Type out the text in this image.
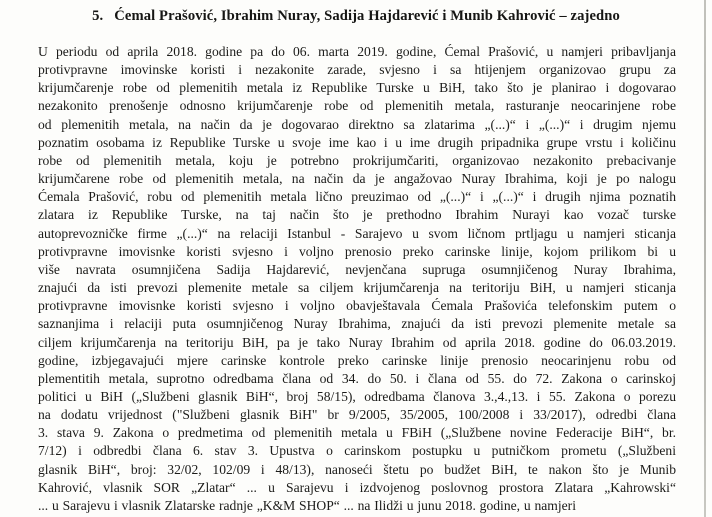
5. Ćemal Prašović, Ibrahim Nuray, Sadija Hajdarević i Munib Kahrović – zajedno
U periodu od aprila 2018. godine pa do 06. marta 2019. godine, Ćemal Prašović, u namjeri pribavljanja
protivpravne imovinske koristi i nezakonite zarade, svjesno i sa htijenjem organizovao grupu za
krijumčarenje robe od plemenitih metala iz Republike Turske u BiH, tako što je planirao i dogovarao
nezakonito prenošenje odnosno krijumčarenje robe od plemenitih metala, rasturanje neocarinjene robe
od plemenitih metala, na način da je dogovarao direktno sa zlatarima „(...)“ i „(...)“ i drugim njemu
poznatim osobama iz Republike Turske u svoje ime kao i u ime drugih pripadnika grupe vrstu i količinu
robe od plemenitih metala, koju je potrebno prokrijumčariti, organizovao nezakonito prebacivanje
krijumčarene robe od plemenitih metala, na način da je angažovao Nuray Ibrahima, koji je po nalogu
Ćemala Prašović, robu od plemenitih metala lično preuzimao od „(...)“ i „(...)“ i drugih njima poznatih
zlatara iz Republike Turske, na taj način što je prethodno Ibrahim Nurayi kao vozač turske
autoprevozničke firme „(...)“ na relaciji Istanbul - Sarajevo u svom ličnom prtljagu u namjeri sticanja
protivpravne imovisnke koristi svjesno i voljno prenosio preko carinske linije, kojom prilikom bi u
više navrata osumnjičena Sadija Hajdarević, nevjenčana supruga osumnjičenog Nuray Ibrahima,
znajući da isti prevozi plemenite metale sa ciljem krijumčarenja na teritoriju BiH, u namjeri sticanja
protivpravne imovisnke koristi svjesno i voljno obavještavala Ćemala Prašovića telefonskim putem o
saznanjima i relaciji puta osumnjičenog Nuray Ibrahima, znajući da isti prevozi plemenite metale sa
ciljem krijumčarenja na teritoriju BiH, pa je tako Nuray Ibrahim od aprila 2018. godine do 06.03.2019.
godine, izbjegavajući mjere carinske kontrole preko carinske linije prenosio neocarinjenu robu od
plementitih metala, suprotno odredbama člana od 34. do 50. i člana od 55. do 72. Zakona o carinskoj
politici u BiH („Službeni glasnik BiH“, broj 58/15), odredbama članova 3.,4.,13. i 55. Zakona o porezu
na dodatu vrijednost ("Službeni glasnik BiH" br 9/2005, 35/2005, 100/2008 i 33/2017), odredbi člana
3. stava 9. Zakona o predmetima od plemenitih metala u FBiH („Službene novine Federacije BiH“, br.
7/12) i odbredbi člana 6. stav 3. Upustva o carinskom postupku u putničkom prometu („Službeni
glasnik BiH“, broj: 32/02, 102/09 i 48/13), nanoseći štetu po budžet BiH, te nakon što je Munib
Kahrović, vlasnik SOR „Zlatar“ ... u Sarajevu i izdvojenog poslovnog prostora Zlatara „Kahrowski“
... u Sarajevu i vlasnik Zlatarske radnje „K&M SHOP“ ... na Ilidži u junu 2018. godine, u namjeri
